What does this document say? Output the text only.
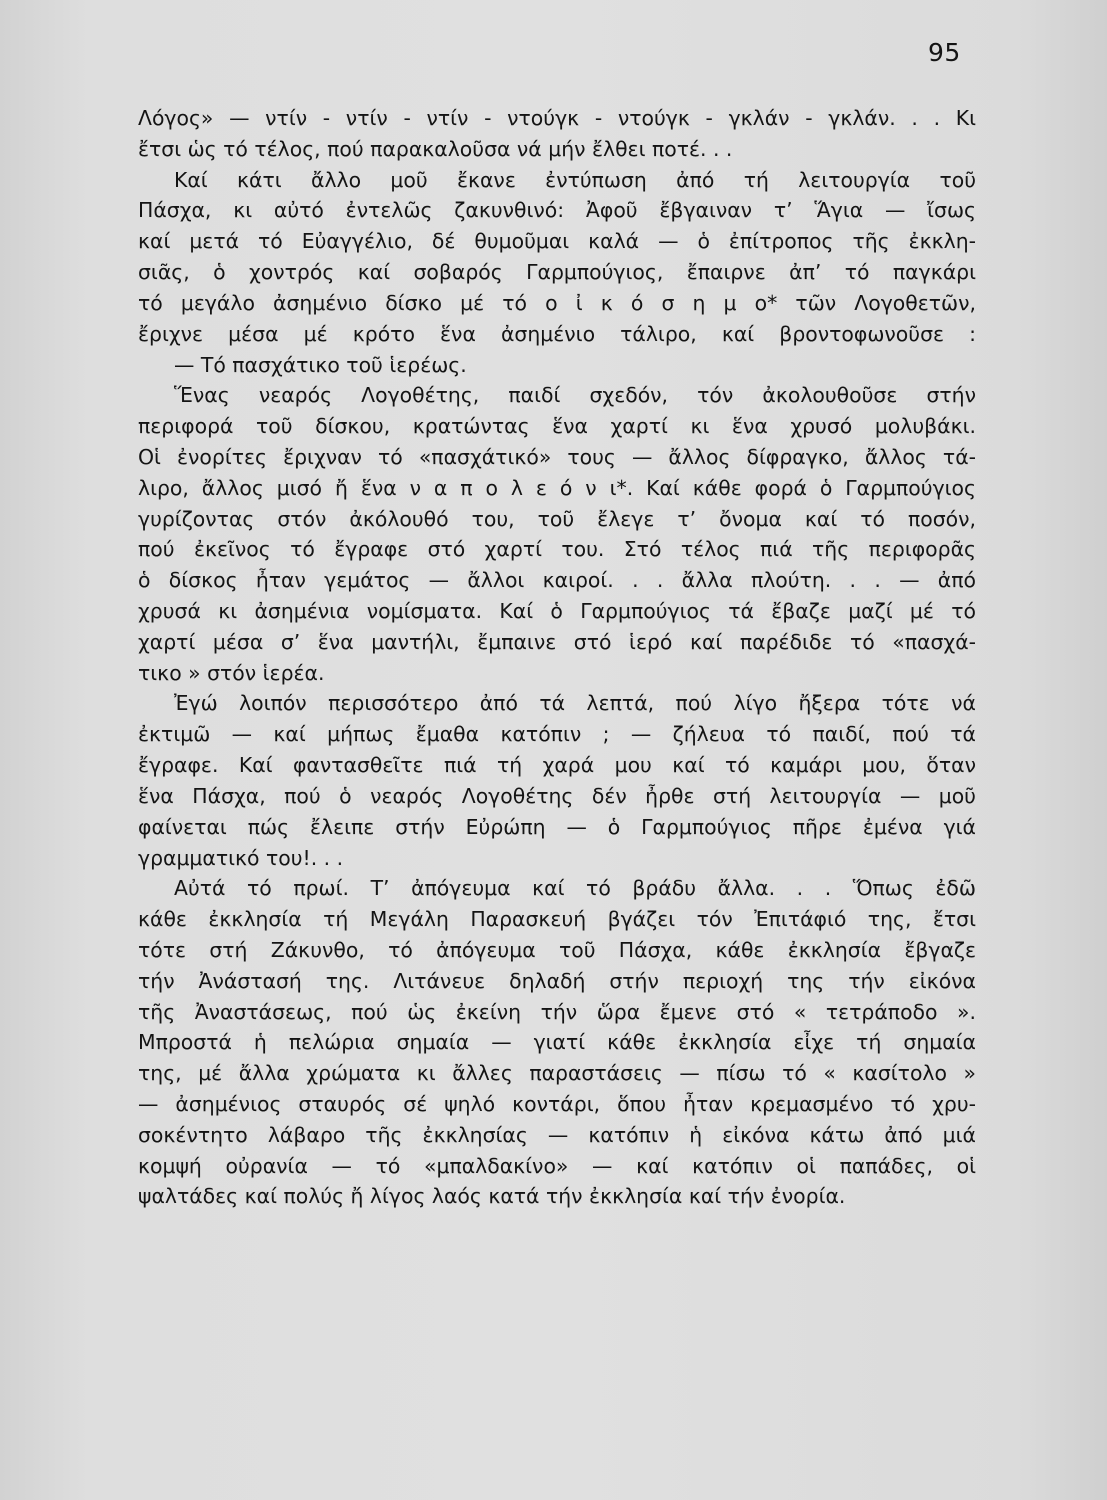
95
Λόγος» — ντίν - ντίν - ντίν - ντούγκ - ντούγκ - γκλάν - γκλάν. . . Κι
ἔτσι ὡς τό τέλος, πού παρακαλοῦσα νά μήν ἔλθει ποτέ. . .
Καί κάτι ἄλλο μοῦ ἔκανε ἐντύπωση ἀπό τή λειτουργία τοῦ
Πάσχα, κι αὐτό ἐντελῶς ζακυνθινό: Ἀφοῦ ἔβγαιναν τ’ Ἅγια — ἴσως
καί μετά τό Εὐαγγέλιο, δέ θυμοῦμαι καλά — ὁ ἐπίτροπος τῆς ἐκκλη-
σιᾶς, ὁ χοντρός καί σοβαρός Γαρμπούγιος, ἔπαιρνε ἀπ’ τό παγκάρι
τό μεγάλο ἀσημένιο δίσκο μέ τό ο ἰ κ ό σ η μ ο* τῶν Λογοθετῶν,
ἔριχνε μέσα μέ κρότο ἕνα ἀσημένιο τάλιρο, καί βροντοφωνοῦσε :
— Τό πασχάτικο τοῦ ἱερέως.
Ἕνας νεαρός Λογοθέτης, παιδί σχεδόν, τόν ἀκολουθοῦσε στήν
περιφορά τοῦ δίσκου, κρατώντας ἕνα χαρτί κι ἕνα χρυσό μολυβάκι.
Οἱ ἐνορίτες ἔριχναν τό «πασχάτικό» τους — ἄλλος δίφραγκο, ἄλλος τά-
λιρο, ἄλλος μισό ἤ ἕνα ν α π ο λ ε ό ν ι*. Καί κάθε φορά ὁ Γαρμπούγιος
γυρίζοντας στόν ἀκόλουθό του, τοῦ ἔλεγε τ’ ὄνομα καί τό ποσόν,
πού ἐκεῖνος τό ἔγραφε στό χαρτί του. Στό τέλος πιά τῆς περιφορᾶς
ὁ δίσκος ἦταν γεμάτος — ἄλλοι καιροί. . . ἄλλα πλούτη. . . — ἀπό
χρυσά κι ἀσημένια νομίσματα. Καί ὁ Γαρμπούγιος τά ἔβαζε μαζί μέ τό
χαρτί μέσα σ’ ἕνα μαντήλι, ἔμπαινε στό ἱερό καί παρέδιδε τό «πασχά-
τικο » στόν ἱερέα.
Ἐγώ λοιπόν περισσότερο ἀπό τά λεπτά, πού λίγο ἤξερα τότε νά
ἐκτιμῶ — καί μήπως ἔμαθα κατόπιν ; — ζήλευα τό παιδί, πού τά
ἔγραφε. Καί φαντασθεῖτε πιά τή χαρά μου καί τό καμάρι μου, ὅταν
ἕνα Πάσχα, πού ὁ νεαρός Λογοθέτης δέν ἦρθε στή λειτουργία — μοῦ
φαίνεται πώς ἔλειπε στήν Εὐρώπη — ὁ Γαρμπούγιος πῆρε ἐμένα γιά
γραμματικό του!. . .
Αὐτά τό πρωί. Τ’ ἀπόγευμα καί τό βράδυ ἄλλα. . . Ὅπως ἐδῶ
κάθε ἐκκλησία τή Μεγάλη Παρασκευή βγάζει τόν Ἐπιτάφιό της, ἔτσι
τότε στή Ζάκυνθο, τό ἀπόγευμα τοῦ Πάσχα, κάθε ἐκκλησία ἔβγαζε
τήν Ἀνάστασή της. Λιτάνευε δηλαδή στήν περιοχή της τήν εἰκόνα
τῆς Ἀναστάσεως, πού ὡς ἐκείνη τήν ὥρα ἔμενε στό « τετράποδο ».
Μπροστά ἡ πελώρια σημαία — γιατί κάθε ἐκκλησία εἶχε τή σημαία
της, μέ ἄλλα χρώματα κι ἄλλες παραστάσεις — πίσω τό « κασίτολο »
— ἀσημένιος σταυρός σέ ψηλό κοντάρι, ὅπου ἦταν κρεμασμένο τό χρυ-
σοκέντητο λάβαρο τῆς ἐκκλησίας — κατόπιν ἡ εἰκόνα κάτω ἀπό μιά
κομψή οὐρανία — τό «μπαλδακίνο» — καί κατόπιν οἱ παπάδες, οἱ
ψαλτάδες καί πολύς ἤ λίγος λαός κατά τήν ἐκκλησία καί τήν ἐνορία.
